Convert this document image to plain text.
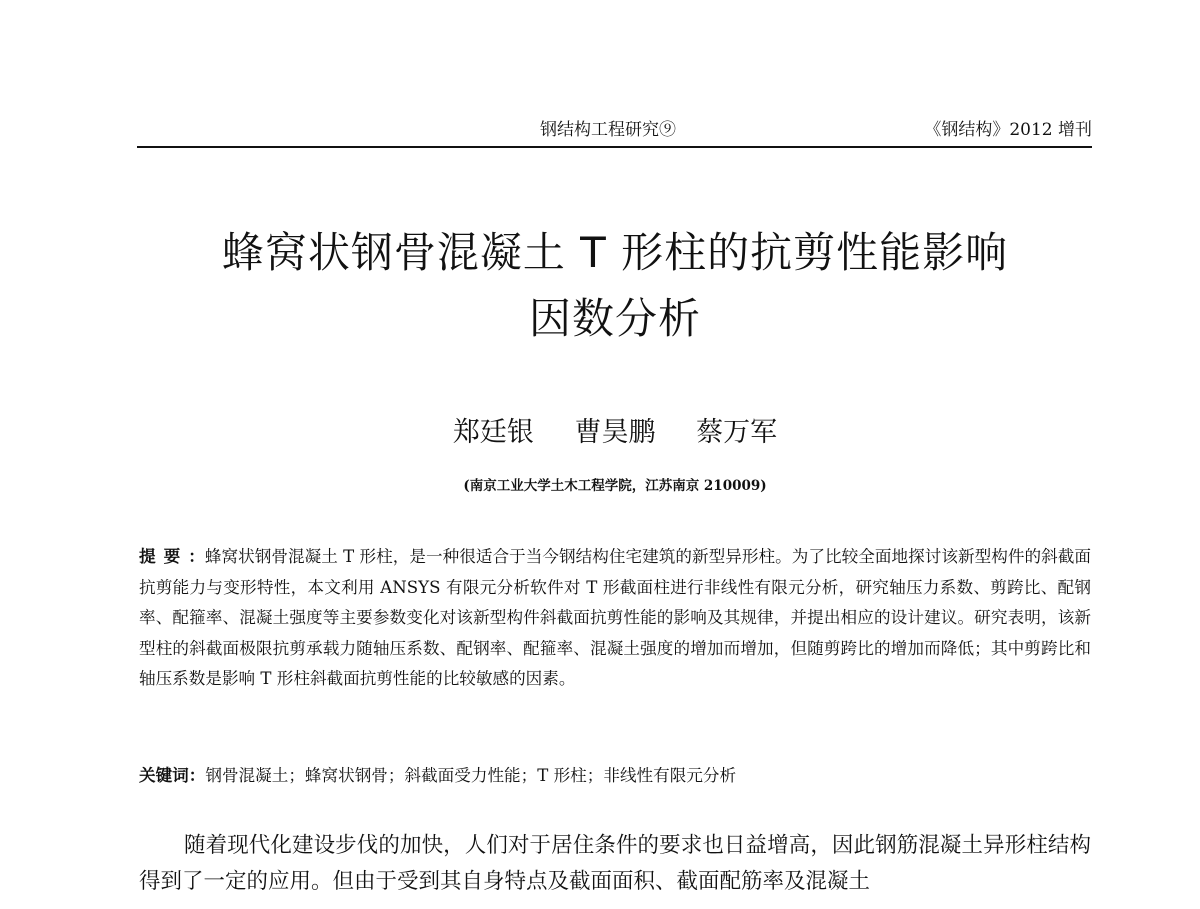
钢结构工程研究⑨	《钢结构》2012 增刊
蜂窝状钢骨混凝土 T 形柱的抗剪性能影响
因数分析
郑廷银 曹昊鹏 蔡万军
(南京工业大学土木工程学院，江苏南京 210009)

提要：蜂窝状钢骨混凝土 T 形柱，是一种很适合于当今钢结构住宅建筑的新型异形柱。为了比较全面地探讨该新型构件的斜截面抗剪能力与变形特性，本文利用 ANSYS 有限元分析软件对 T 形截面柱进行非线性有限元分析，研究轴压力系数、剪跨比、配钢率、配箍率、混凝土强度等主要参数变化对该新型构件斜截面抗剪性能的影响及其规律，并提出相应的设计建议。研究表明，该新型柱的斜截面极限抗剪承载力随轴压系数、配钢率、配箍率、混凝土强度的增加而增加，但随剪跨比的增加而降低；其中剪跨比和轴压系数是影响 T 形柱斜截面抗剪性能的比较敏感的因素。

关键词：钢骨混凝土；蜂窝状钢骨；斜截面受力性能；T 形柱；非线性有限元分析

随着现代化建设步伐的加快，人们对于居住条件的要求也日益增高，因此钢筋混凝土异形柱结构得到了一定的应用。但由于受到其自身特点及截面面积、截面配筋率及混凝土
